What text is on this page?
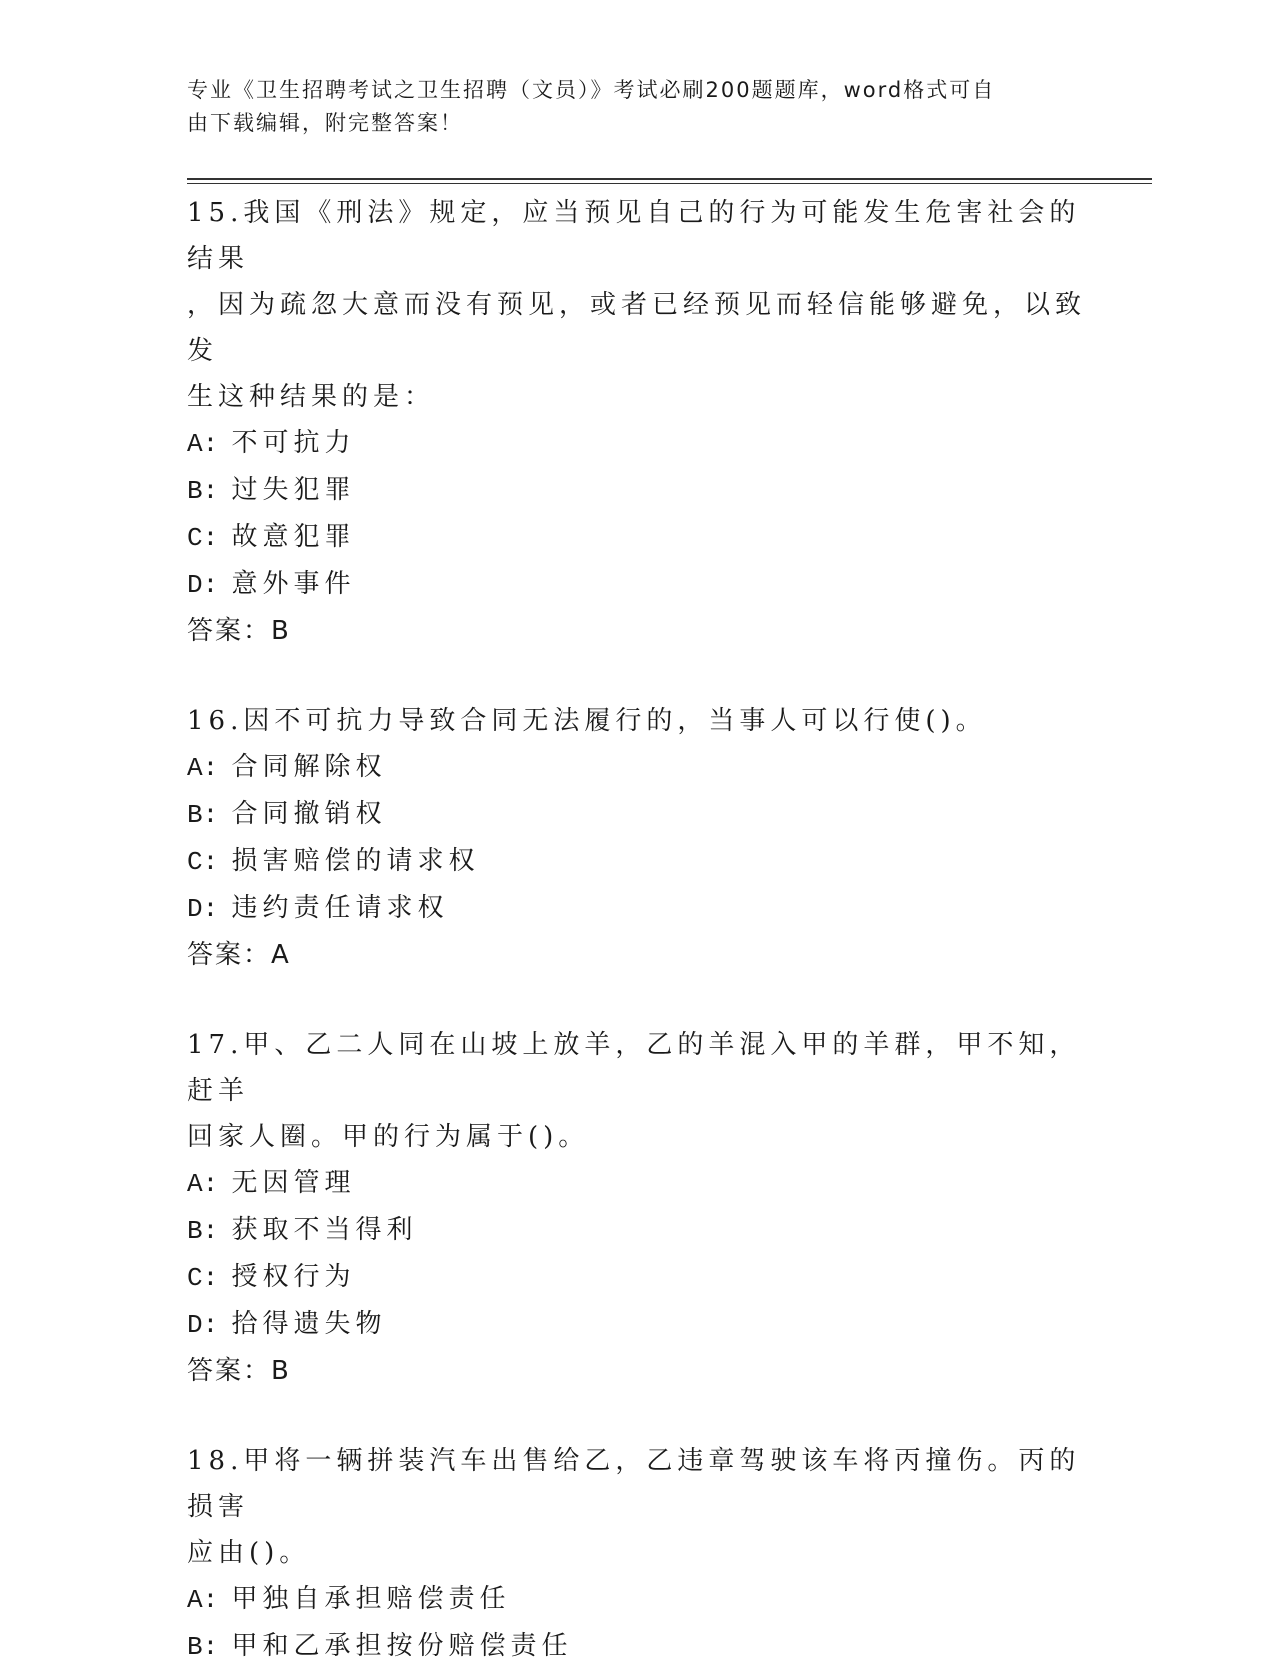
专业《卫生招聘考试之卫生招聘（文员）》考试必刷200题题库，word格式可自
由下载编辑，附完整答案！
15.我国《刑法》规定，应当预见自己的行为可能发生危害社会的结果
，因为疏忽大意而没有预见，或者已经预见而轻信能够避免，以致发
生这种结果的是：
A: 不可抗力
B: 过失犯罪
C: 故意犯罪
D: 意外事件
答案：B
16.因不可抗力导致合同无法履行的，当事人可以行使()。
A: 合同解除权
B: 合同撤销权
C: 损害赔偿的请求权
D: 违约责任请求权
答案：A
17.甲、乙二人同在山坡上放羊，乙的羊混入甲的羊群，甲不知，赶羊
回家人圈。甲的行为属于()。
A: 无因管理
B: 获取不当得利
C: 授权行为
D: 拾得遗失物
答案：B
18.甲将一辆拼装汽车出售给乙，乙违章驾驶该车将丙撞伤。丙的损害
应由()。
A: 甲独自承担赔偿责任
B: 甲和乙承担按份赔偿责任
